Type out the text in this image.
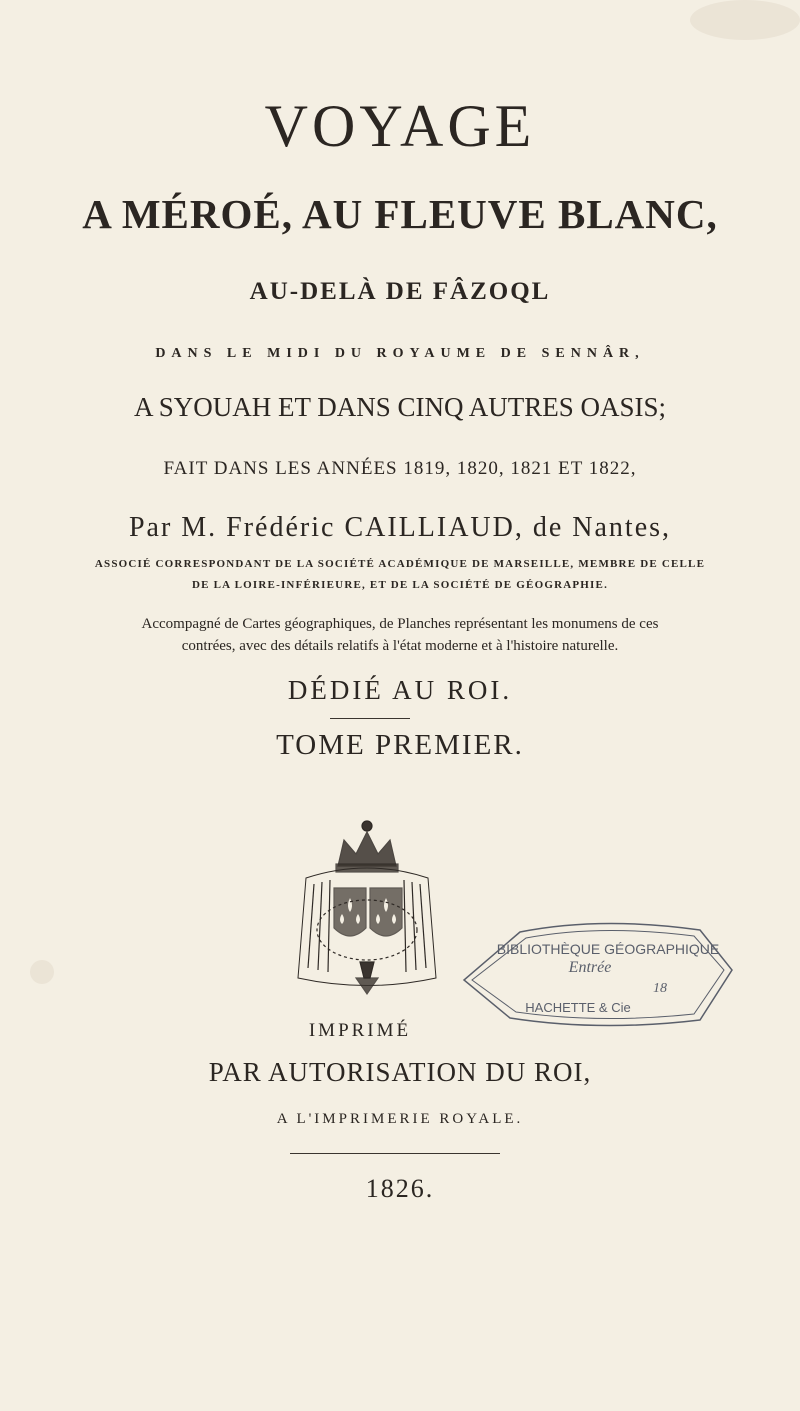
VOYAGE
A MÉROÉ, AU FLEUVE BLANC,
AU-DELÀ DE FÂZOQL
DANS LE MIDI DU ROYAUME DE SENNÂR,
A SYOUAH ET DANS CINQ AUTRES OASIS;
FAIT DANS LES ANNÉES 1819, 1820, 1821 ET 1822,
Par M. Frédéric CAILLIAUD, de Nantes,
ASSOCIÉ CORRESPONDANT DE LA SOCIÉTÉ ACADÉMIQUE DE MARSEILLE, MEMBRE DE CELLE
DE LA LOIRE-INFÉRIEURE, ET DE LA SOCIÉTÉ DE GÉOGRAPHIE.
Accompagné de Cartes géographiques, de Planches représentant les monumens de ces
contrées, avec des détails relatifs à l'état moderne et à l'histoire naturelle.
DÉDIÉ AU ROI.
TOME PREMIER.
BIBLIOTHÈQUE GÉOGRAPHIQUE
Entrée
18
HACHETTE & Cie
IMPRIMÉ
PAR AUTORISATION DU ROI,
A L'IMPRIMERIE ROYALE.
1826.
